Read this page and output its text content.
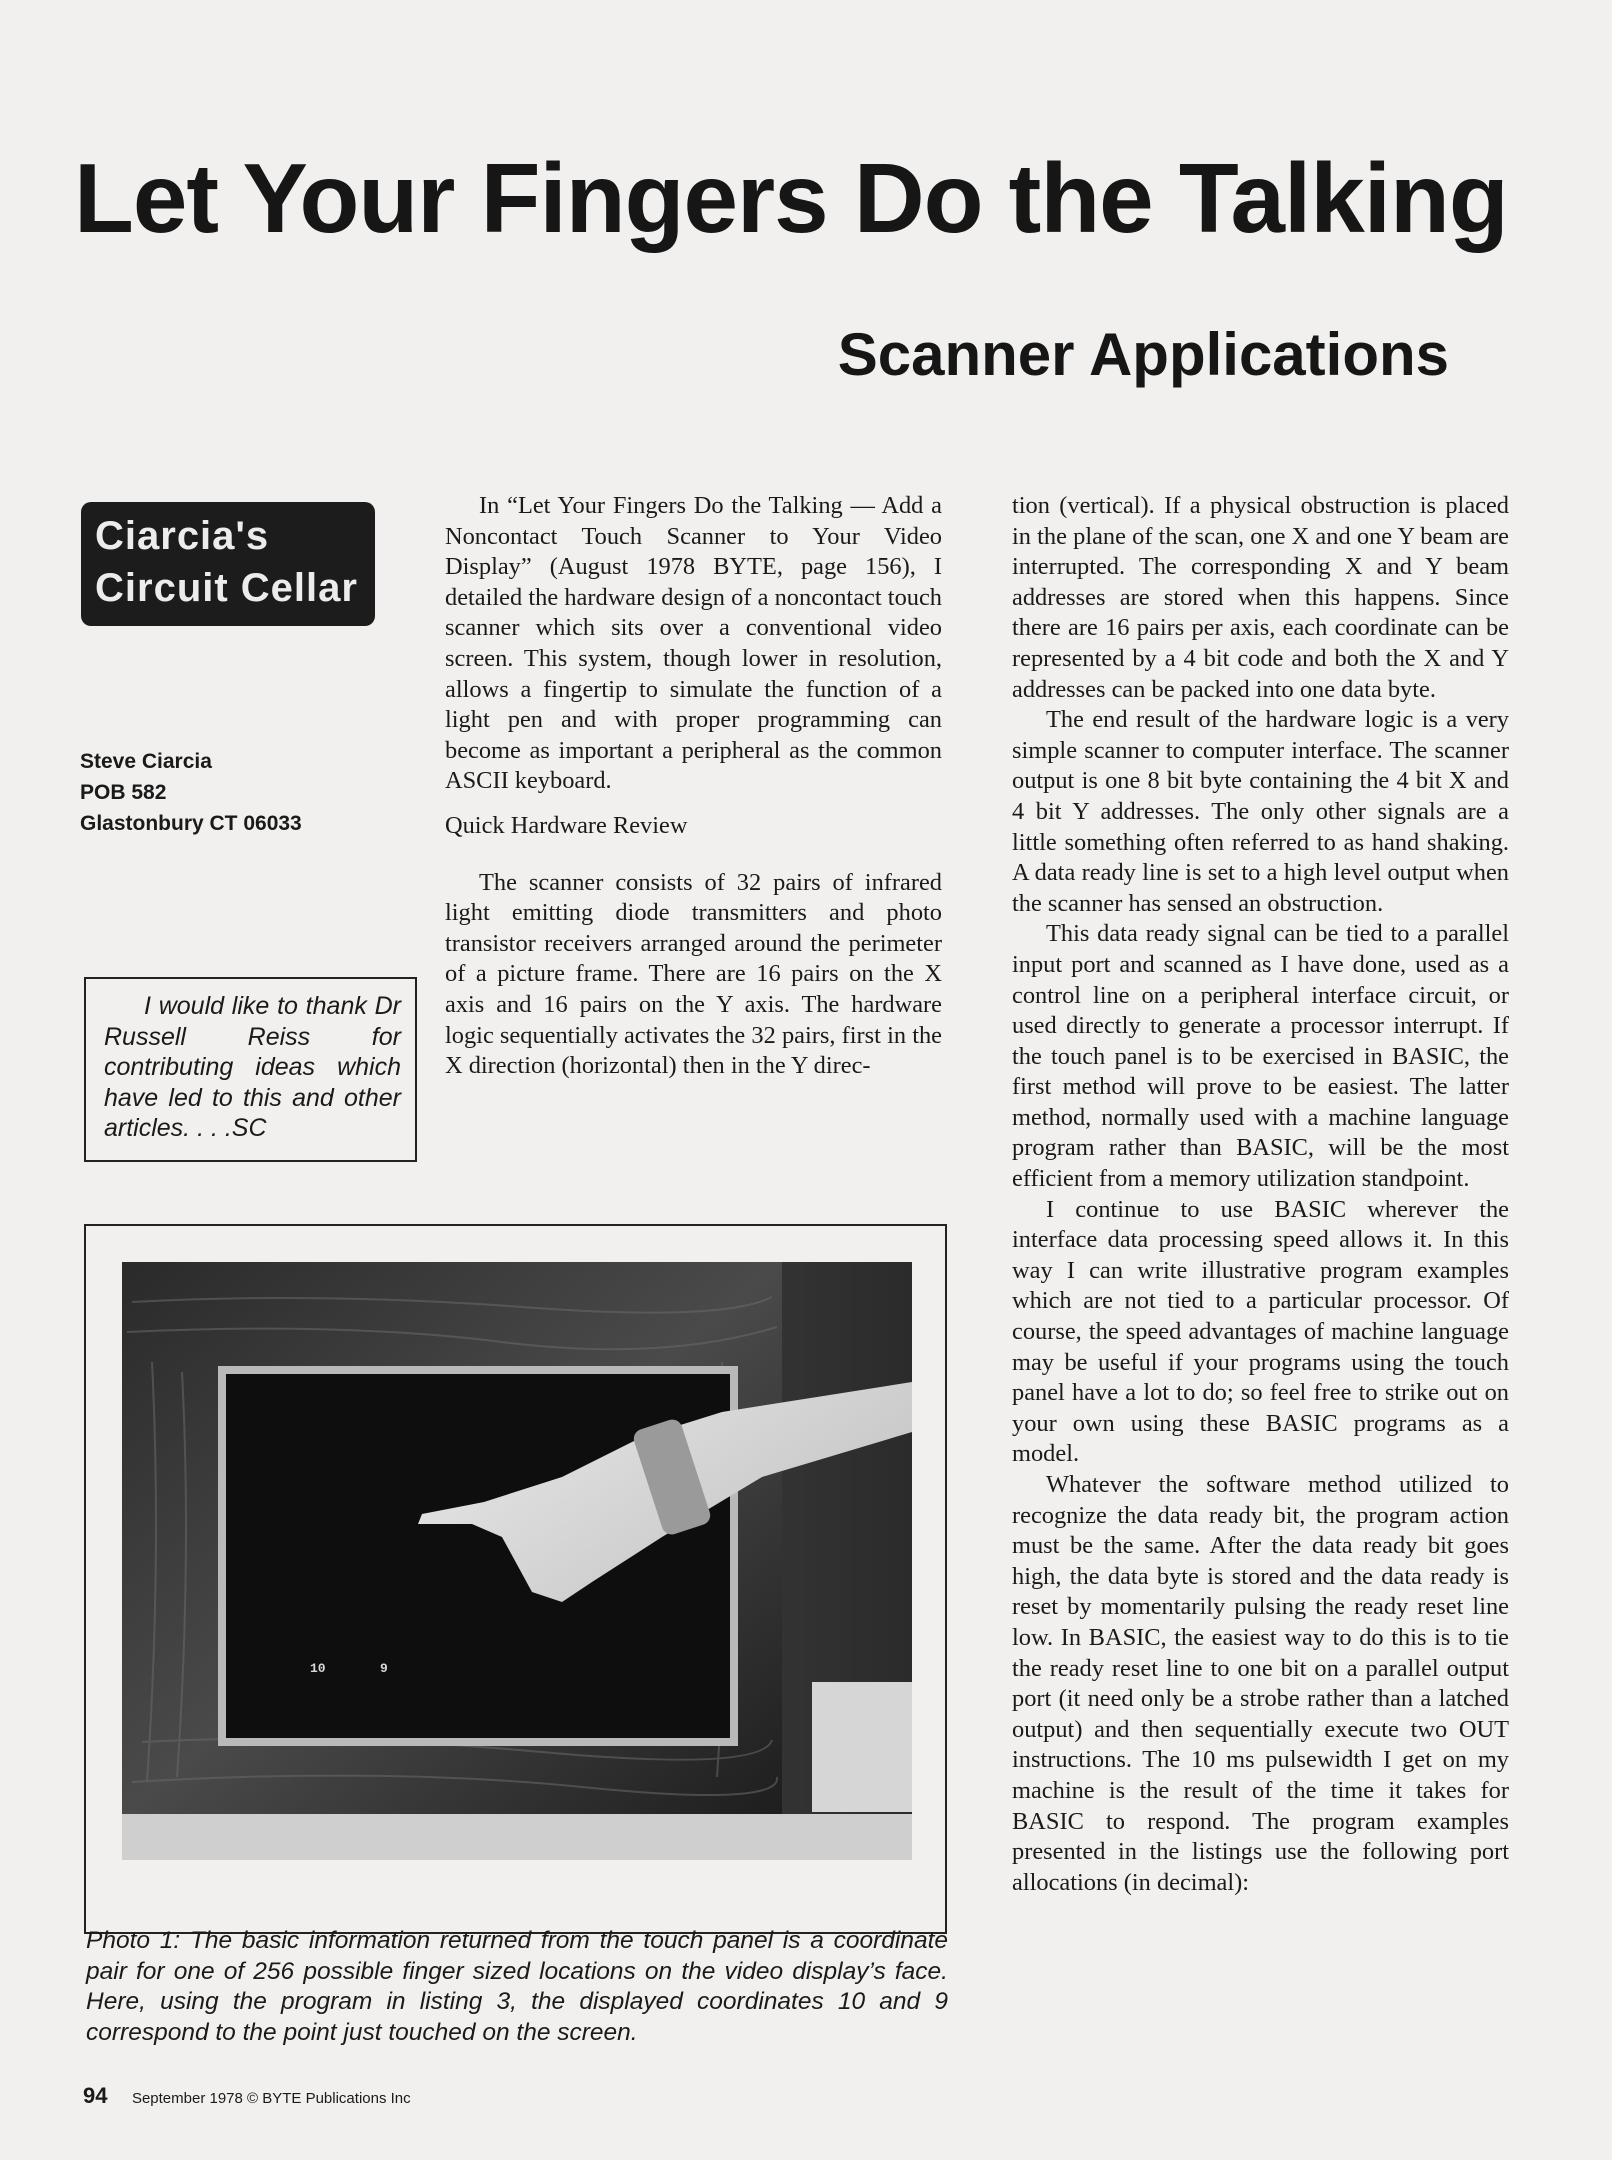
Let Your Fingers Do the Talking
Scanner Applications
Ciarcia's
Circuit Cellar
Steve Ciarcia
POB 582
Glastonbury CT 06033

I would like to thank Dr Russell Reiss for contributing ideas which have led to this and other articles. . . .SC

In “Let Your Fingers Do the Talking — Add a Noncontact Touch Scanner to Your Video Display” (August 1978 BYTE, page 156), I detailed the hardware design of a noncontact touch scanner which sits over a conventional video screen. This system, though lower in resolution, allows a fingertip to simulate the function of a light pen and with proper programming can become as important a peripheral as the common ASCII keyboard.

Quick Hardware Review

The scanner consists of 32 pairs of infrared light emitting diode transmitters and photo transistor receivers arranged around the perimeter of a picture frame. There are 16 pairs on the X axis and 16 pairs on the Y axis. The hardware logic sequentially activates the 32 pairs, first in the X direction (horizontal) then in the Y direc-

tion (vertical). If a physical obstruction is placed in the plane of the scan, one X and one Y beam are interrupted. The corresponding X and Y beam addresses are stored when this happens. Since there are 16 pairs per axis, each coordinate can be represented by a 4 bit code and both the X and Y addresses can be packed into one data byte.

The end result of the hardware logic is a very simple scanner to computer interface. The scanner output is one 8 bit byte containing the 4 bit X and 4 bit Y addresses. The only other signals are a little something often referred to as hand shaking. A data ready line is set to a high level output when the scanner has sensed an obstruction.

This data ready signal can be tied to a parallel input port and scanned as I have done, used as a control line on a peripheral interface circuit, or used directly to generate a processor interrupt. If the touch panel is to be exercised in BASIC, the first method will prove to be easiest. The latter method, normally used with a machine language program rather than BASIC, will be the most efficient from a memory utilization standpoint.

I continue to use BASIC wherever the interface data processing speed allows it. In this way I can write illustrative program examples which are not tied to a particular processor. Of course, the speed advantages of machine language may be useful if your programs using the touch panel have a lot to do; so feel free to strike out on your own using these BASIC programs as a model.

Whatever the software method utilized to recognize the data ready bit, the program action must be the same. After the data ready bit goes high, the data byte is stored and the data ready is reset by momentarily pulsing the ready reset line low. In BASIC, the easiest way to do this is to tie the ready reset line to one bit on a parallel output port (it need only be a strobe rather than a latched output) and then sequentially execute two OUT instructions. The 10 ms pulsewidth I get on my machine is the result of the time it takes for BASIC to respond. The program examples presented in the listings use the following port allocations (in decimal):

10	9
Photo 1: The basic information returned from the touch panel is a coordinate pair for one of 256 possible finger sized locations on the video display’s face. Here, using the program in listing 3, the displayed coordinates 10 and 9 correspond to the point just touched on the screen.
94 September 1978 © BYTE Publications Inc
